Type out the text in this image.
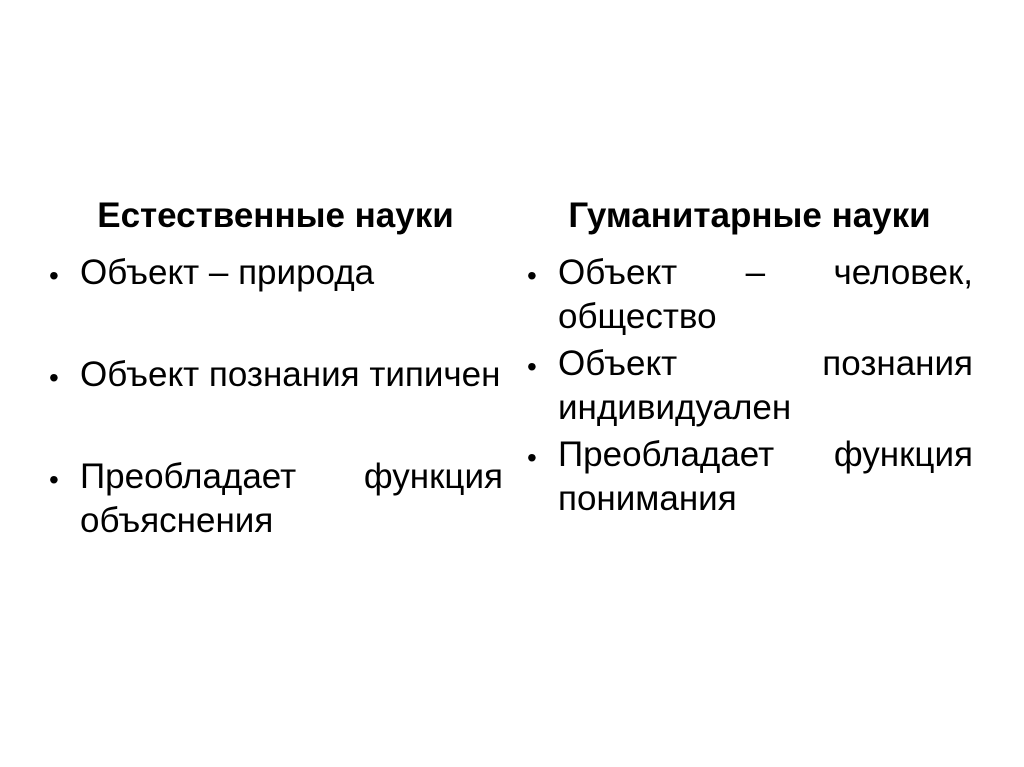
Естественные науки
• Объект – природа
• Объект познания типичен
• Преобладает функция объяснения
Гуманитарные науки
• Объект – человек, общество
• Объект познания индивидуален
• Преобладает функция понимания
